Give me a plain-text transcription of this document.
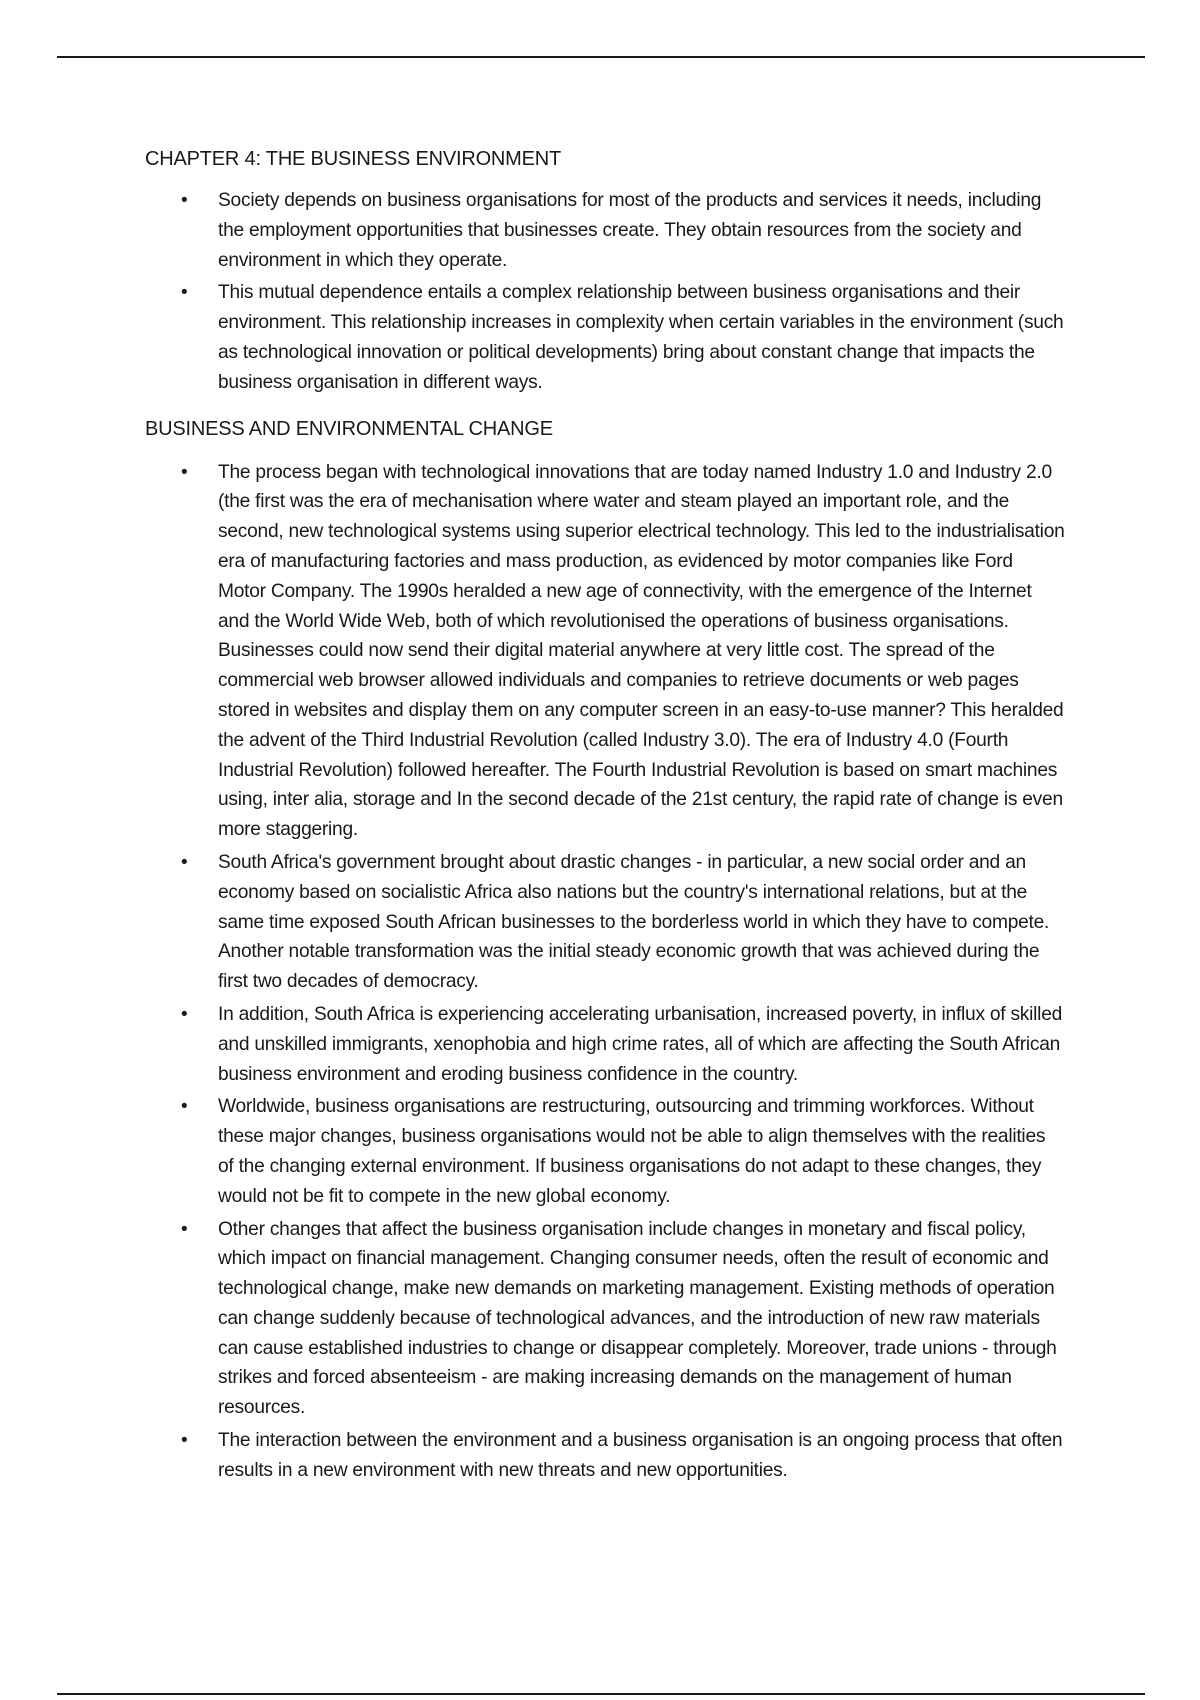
CHAPTER 4: THE BUSINESS ENVIRONMENT
• Society depends on business organisations for most of the products and services it needs, including the employment opportunities that businesses create. They obtain resources from the society and environment in which they operate.
• This mutual dependence entails a complex relationship between business organisations and their environment. This relationship increases in complexity when certain variables in the environment (such as technological innovation or political developments) bring about constant change that impacts the business organisation in different ways.
BUSINESS AND ENVIRONMENTAL CHANGE
• The process began with technological innovations that are today named Industry 1.0 and Industry 2.0 (the first was the era of mechanisation where water and steam played an important role, and the second, new technological systems using superior electrical technology. This led to the industrialisation era of manufacturing factories and mass production, as evidenced by motor companies like Ford Motor Company. The 1990s heralded a new age of connectivity, with the emergence of the Internet and the World Wide Web, both of which revolutionised the operations of business organisations. Businesses could now send their digital material anywhere at very little cost. The spread of the commercial web browser allowed individuals and companies to retrieve documents or web pages stored in websites and display them on any computer screen in an easy-to-use manner? This heralded the advent of the Third Industrial Revolution (called Industry 3.0). The era of Industry 4.0 (Fourth Industrial Revolution) followed hereafter. The Fourth Industrial Revolution is based on smart machines using, inter alia, storage and In the second decade of the 21st century, the rapid rate of change is even more staggering.
• South Africa's government brought about drastic changes - in particular, a new social order and an economy based on socialistic Africa also nations but the country's international relations, but at the same time exposed South African businesses to the borderless world in which they have to compete. Another notable transformation was the initial steady economic growth that was achieved during the first two decades of democracy.
• In addition, South Africa is experiencing accelerating urbanisation, increased poverty, in influx of skilled and unskilled immigrants, xenophobia and high crime rates, all of which are affecting the South African business environment and eroding business confidence in the country.
• Worldwide, business organisations are restructuring, outsourcing and trimming workforces. Without these major changes, business organisations would not be able to align themselves with the realities of the changing external environment. If business organisations do not adapt to these changes, they would not be fit to compete in the new global economy.
• Other changes that affect the business organisation include changes in monetary and fiscal policy, which impact on financial management. Changing consumer needs, often the result of economic and technological change, make new demands on marketing management. Existing methods of operation can change suddenly because of technological advances, and the introduction of new raw materials can cause established industries to change or disappear completely. Moreover, trade unions - through strikes and forced absenteeism - are making increasing demands on the management of human resources.
• The interaction between the environment and a business organisation is an ongoing process that often results in a new environment with new threats and new opportunities.
